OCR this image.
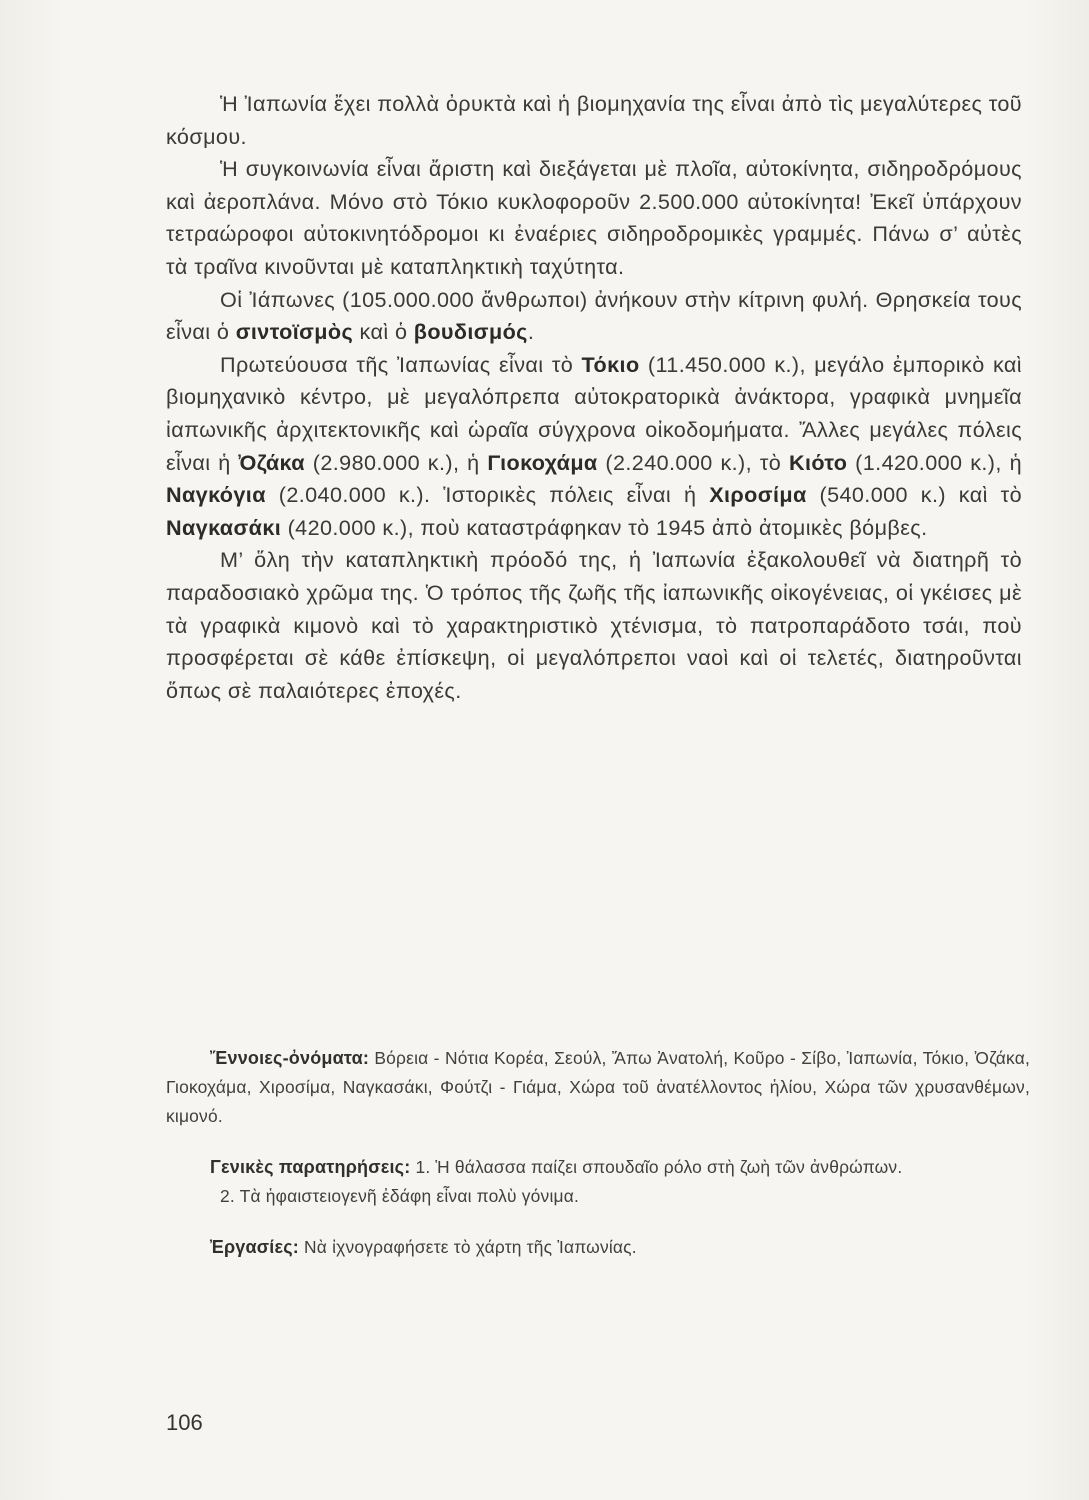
Ἡ Ἰαπωνία ἔχει πολλὰ ὀρυκτὰ καὶ ἡ βιομηχανία της εἶναι ἀπὸ τὶς μεγαλύτερες τοῦ κόσμου.

Ἡ συγκοινωνία εἶναι ἄριστη καὶ διεξάγεται μὲ πλοῖα, αὐτοκίνητα, σιδηροδρόμους καὶ ἀεροπλάνα. Μόνο στὸ Τόκιο κυκλοφοροῦν 2.500.000 αὐτοκίνητα! Ἐκεῖ ὑπάρχουν τετραώροφοι αὐτοκινητόδρομοι κι ἐναέριες σιδηροδρομικὲς γραμμές. Πάνω σ’ αὐτὲς τὰ τραῖνα κινοῦνται μὲ καταπληκτικὴ ταχύτητα.

Οἱ Ἰάπωνες (105.000.000 ἄνθρωποι) ἀνήκουν στὴν κίτρινη φυλή. Θρησκεία τους εἶναι ὁ σιντοϊσμὸς καὶ ὁ βουδισμός.

Πρωτεύουσα τῆς Ἰαπωνίας εἶναι τὸ Τόκιο (11.450.000 κ.), μεγάλο ἐμπορικὸ καὶ βιομηχανικὸ κέντρο, μὲ μεγαλόπρεπα αὐτοκρατορικὰ ἀνάκτορα, γραφικὰ μνημεῖα ἰαπωνικῆς ἀρχιτεκτονικῆς καὶ ὡραῖα σύγχρονα οἰκοδομήματα. Ἄλλες μεγάλες πόλεις εἶναι ἡ Ὀζάκα (2.980.000 κ.), ἡ Γιοκοχάμα (2.240.000 κ.), τὸ Κιότο (1.420.000 κ.), ἡ Ναγκόγια (2.040.000 κ.). Ἱστορικὲς πόλεις εἶναι ἡ Χιροσίμα (540.000 κ.) καὶ τὸ Ναγκασάκι (420.000 κ.), ποὺ καταστράφηκαν τὸ 1945 ἀπὸ ἀτομικὲς βόμβες.

Μ’ ὅλη τὴν καταπληκτικὴ πρόοδό της, ἡ Ἰαπωνία ἐξακολουθεῖ νὰ διατηρῆ τὸ παραδοσιακὸ χρῶμα της. Ὁ τρόπος τῆς ζωῆς τῆς ἰαπωνικῆς οἰκογένειας, οἱ γκέισες μὲ τὰ γραφικὰ κιμονὸ καὶ τὸ χαρακτηριστικὸ χτένισμα, τὸ πατροπαράδοτο τσάι, ποὺ προσφέρεται σὲ κάθε ἐπίσκεψη, οἱ μεγαλόπρεποι ναοὶ καὶ οἱ τελετές, διατηροῦνται ὅπως σὲ παλαιότερες ἐποχές.

Ἔννοιες-ὀνόματα: Βόρεια - Νότια Κορέα, Σεούλ, Ἄπω Ἀνατολή, Κοῦρο - Σίβο, Ἰαπωνία, Τόκιο, Ὀζάκα, Γιοκοχάμα, Χιροσίμα, Ναγκασάκι, Φούτζι - Γιάμα, Χώρα τοῦ ἀνατέλλοντος ἡλίου, Χώρα τῶν χρυσανθέμων, κιμονό.

Γενικὲς παρατηρήσεις: 1. Ἡ θάλασσα παίζει σπουδαῖο ρόλο στὴ ζωὴ τῶν ἀνθρώπων.

2. Τὰ ἡφαιστειογενῆ ἐδάφη εἶναι πολὺ γόνιμα.

Ἐργασίες: Νὰ ἰχνογραφήσετε τὸ χάρτη τῆς Ἰαπωνίας.

106
